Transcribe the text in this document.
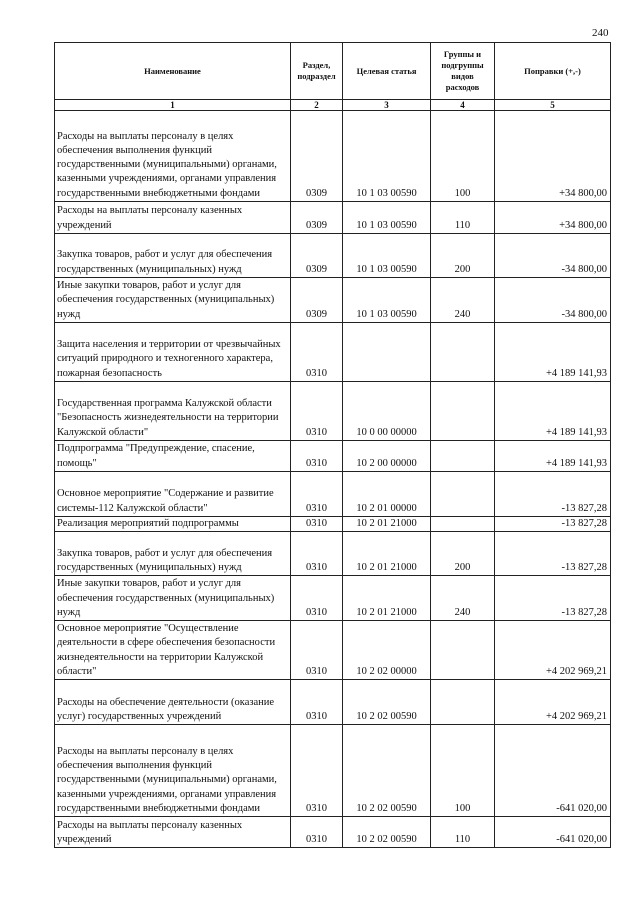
240
Наименование	Раздел, подраздел	Целевая статья	Группы и подгруппы видов расходов	Поправки (+,-)
1	2	3	4	5
Расходы на выплаты персоналу в целях обеспечения выполнения функций государственными (муниципальными) органами, казенными учреждениями, органами управления государственными внебюджетными фондами	0309	10 1 03 00590	100	+34 800,00
Расходы на выплаты персоналу казенных учреждений	0309	10 1 03 00590	110	+34 800,00
Закупка товаров, работ и услуг для обеспечения государственных (муниципальных) нужд	0309	10 1 03 00590	200	-34 800,00
Иные закупки товаров, работ и услуг для обеспечения государственных (муниципальных) нужд	0309	10 1 03 00590	240	-34 800,00
Защита населения и территории от чрезвычайных ситуаций природного и техногенного характера, пожарная безопасность	0310			+4 189 141,93
Государственная программа Калужской области "Безопасность жизнедеятельности на территории Калужской области"	0310	10 0 00 00000		+4 189 141,93
Подпрограмма "Предупреждение, спасение, помощь"	0310	10 2 00 00000		+4 189 141,93
Основное мероприятие "Содержание и развитие системы-112 Калужской области"	0310	10 2 01 00000		-13 827,28
Реализация мероприятий подпрограммы	0310	10 2 01 21000		-13 827,28
Закупка товаров, работ и услуг для обеспечения государственных (муниципальных) нужд	0310	10 2 01 21000	200	-13 827,28
Иные закупки товаров, работ и услуг для обеспечения государственных (муниципальных) нужд	0310	10 2 01 21000	240	-13 827,28
Основное мероприятие "Осуществление деятельности в сфере обеспечения безопасности жизнедеятельности на территории Калужской области"	0310	10 2 02 00000		+4 202 969,21
Расходы на обеспечение деятельности (оказание услуг) государственных учреждений	0310	10 2 02 00590		+4 202 969,21
Расходы на выплаты персоналу в целях обеспечения выполнения функций государственными (муниципальными) органами, казенными учреждениями, органами управления государственными внебюджетными фондами	0310	10 2 02 00590	100	-641 020,00
Расходы на выплаты персоналу казенных учреждений	0310	10 2 02 00590	110	-641 020,00
